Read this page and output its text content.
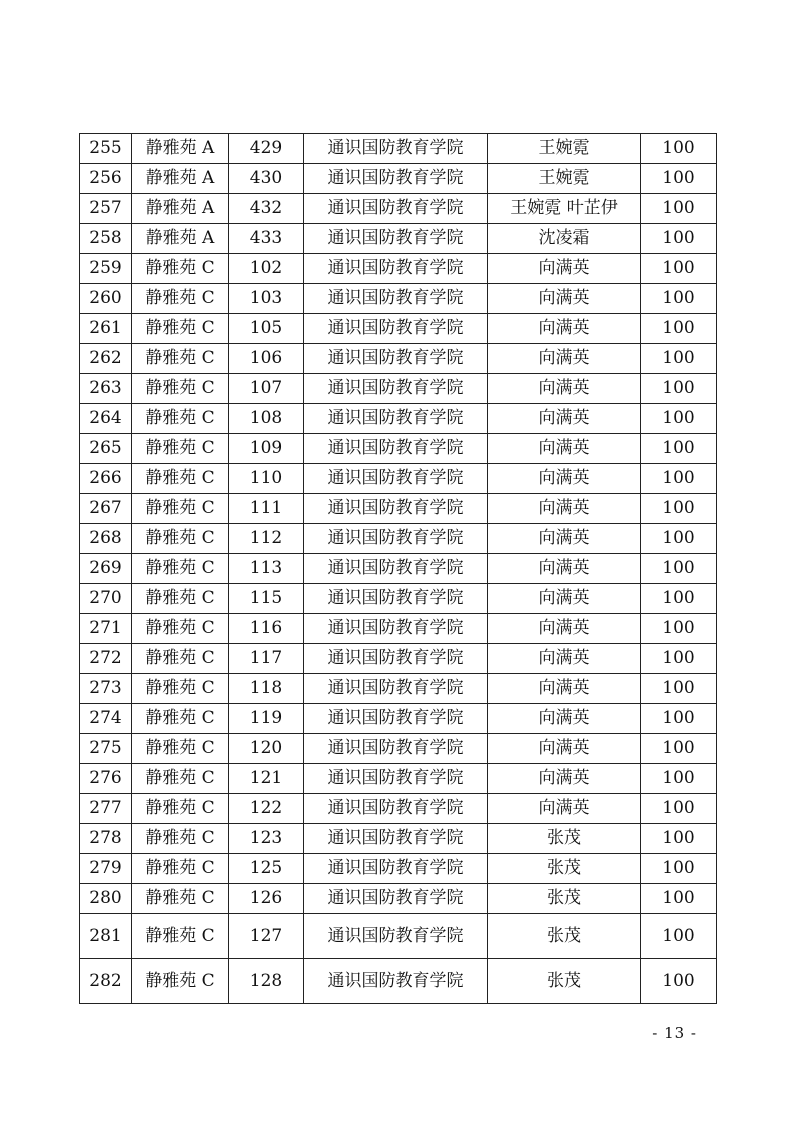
255	静雅苑 A	429	通识国防教育学院	王婉霓	100
256	静雅苑 A	430	通识国防教育学院	王婉霓	100
257	静雅苑 A	432	通识国防教育学院	王婉霓 叶芷伊	100
258	静雅苑 A	433	通识国防教育学院	沈凌霜	100
259	静雅苑 C	102	通识国防教育学院	向满英	100
260	静雅苑 C	103	通识国防教育学院	向满英	100
261	静雅苑 C	105	通识国防教育学院	向满英	100
262	静雅苑 C	106	通识国防教育学院	向满英	100
263	静雅苑 C	107	通识国防教育学院	向满英	100
264	静雅苑 C	108	通识国防教育学院	向满英	100
265	静雅苑 C	109	通识国防教育学院	向满英	100
266	静雅苑 C	110	通识国防教育学院	向满英	100
267	静雅苑 C	111	通识国防教育学院	向满英	100
268	静雅苑 C	112	通识国防教育学院	向满英	100
269	静雅苑 C	113	通识国防教育学院	向满英	100
270	静雅苑 C	115	通识国防教育学院	向满英	100
271	静雅苑 C	116	通识国防教育学院	向满英	100
272	静雅苑 C	117	通识国防教育学院	向满英	100
273	静雅苑 C	118	通识国防教育学院	向满英	100
274	静雅苑 C	119	通识国防教育学院	向满英	100
275	静雅苑 C	120	通识国防教育学院	向满英	100
276	静雅苑 C	121	通识国防教育学院	向满英	100
277	静雅苑 C	122	通识国防教育学院	向满英	100
278	静雅苑 C	123	通识国防教育学院	张茂	100
279	静雅苑 C	125	通识国防教育学院	张茂	100
280	静雅苑 C	126	通识国防教育学院	张茂	100
281	静雅苑 C	127	通识国防教育学院	张茂	100
282	静雅苑 C	128	通识国防教育学院	张茂	100
- 13 -
